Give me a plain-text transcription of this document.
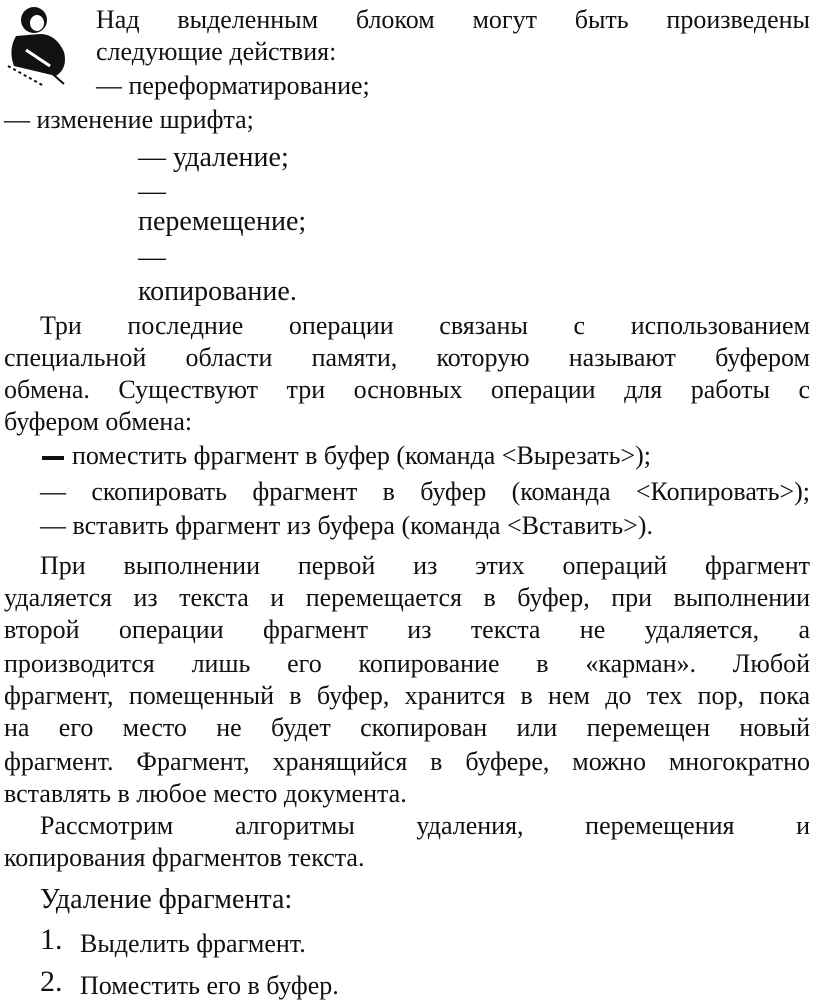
Над выделенным блоком могут быть произведены
следующие действия:
— переформатирование;
— изменение шрифта;
— удаление;
—
перемещение;
—
копирование.
Три последние операции связаны с использованием
специальной области памяти, которую называют буфером
обмена. Существуют три основных операции для работы с
буфером обмена:
поместить фрагмент в буфер (команда <Вырезать>);
— скопировать фрагмент в буфер (команда <Копировать>);
— вставить фрагмент из буфера (команда <Вставить>).
При выполнении первой из этих операций фрагмент
удаляется из текста и перемещается в буфер, при выполнении
второй операции фрагмент из текста не удаляется, а
производится лишь его копирование в «карман». Любой
фрагмент, помещенный в буфер, хранится в нем до тех пор, пока
на его место не будет скопирован или перемещен новый
фрагмент. Фрагмент, хранящийся в буфере, можно многократно
вставлять в любое место документа.
Рассмотрим алгоритмы удаления, перемещения и
копирования фрагментов текста.
Удаление фрагмента:
1. Выделить фрагмент.
2. Поместить его в буфер.
